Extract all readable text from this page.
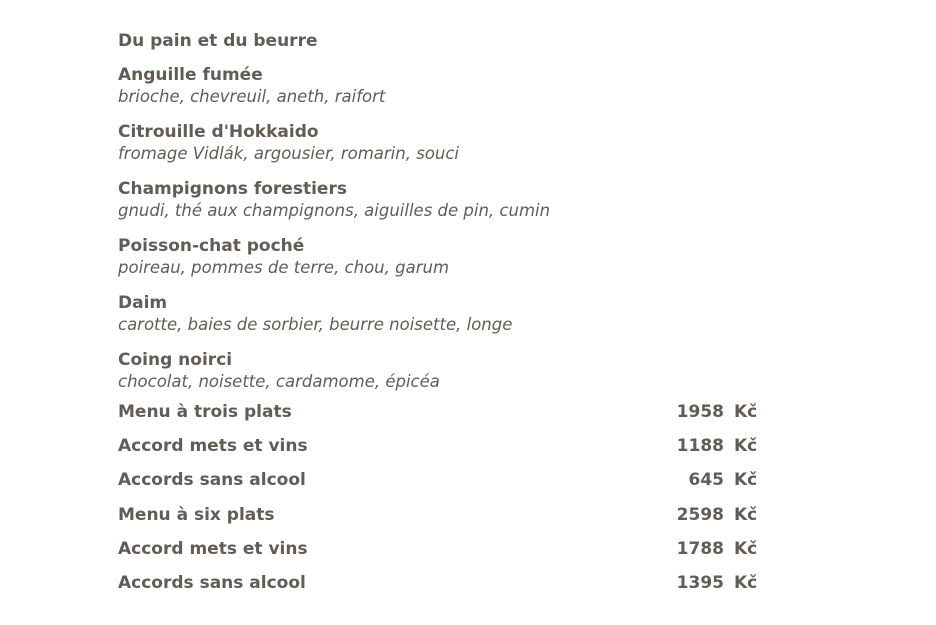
Du pain et du beurre

Anguille fumée

brioche, chevreuil, aneth, raifort

Citrouille d'Hokkaido

fromage Vidlák, argousier, romarin, souci

Champignons forestiers

gnudi, thé aux champignons, aiguilles de pin, cumin

Poisson-chat poché

poireau, pommes de terre, chou, garum

Daim

carotte, baies de sorbier, beurre noisette, longe

Coing noirci

chocolat, noisette, cardamome, épicéa

Menu à trois plats	1958 Kč
Accord mets et vins	1188 Kč
Accords sans alcool	645 Kč
Menu à six plats	2598 Kč
Accord mets et vins	1788 Kč
Accords sans alcool	1395 Kč
